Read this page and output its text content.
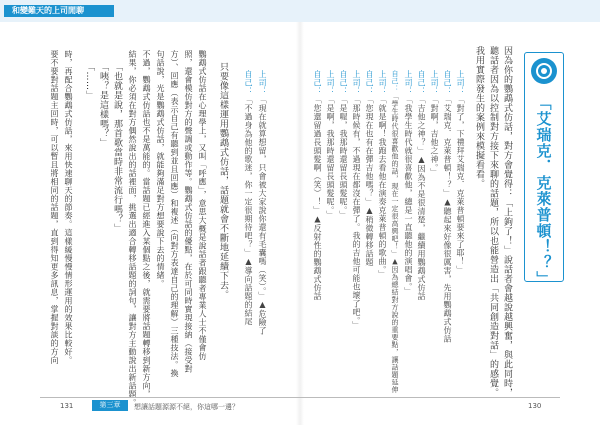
和變難天的上司閒聊
「艾瑞克．克萊普頓！？」
因為你的鸚鵡式仿話，對方會覺得：「上鉤了！」說話者會越說越興奮，與此同時，
聽話者因為以控制對方接下來聊的話題，所以也能營造出「共同創造對話」的感覺。
我用實際發生的案例來模擬看看。
上司：「對了，下禮拜艾瑞克．克萊普頓要來了耶！」
自己：「艾瑞克．克萊普頓！？」▲聽起來好像很厲害，先用鸚鵡式仿話
上司：「對啊，吉他之神。」
自己：「吉他之神？」▲因為不是很清楚，繼續用鸚鵡式仿話
上司：「我學生時代就很喜歡他，總是一直聽他的演唱會。」
自己：「學生時代很喜歡他的話，現在一定很高興吧！」▲因為總結對方說的重要點，讓話題延伸
上司：「就是啊！我跑去看他在演奏克萊普頓的歌曲。」
自己：「您現在也有在彈吉他嗎？」▲稍微轉移話題
上司：「那時候有，不過現在都沒在彈了。我的吉他可能也壞了吧。」
自己：「是喔，我那時還留長頭髮呢。」
上司：「是啊，我那時還留長頭髮呢。」
自己：「您還留過長頭髮啊（笑）！」▲反射性的鸚鵡式仿話
上司：「現在就算想留，只會被大家說你還有毛囊嗎（笑）。」▲危險了
自己：「不過身為他的歌迷，你一定很期待吧？」▲導向話題的結尾
只要像這樣運用鸚鵡式仿話，話題就會不斷地延續下去。
鸚鵡式仿話在心理學上，又叫「呼應」，意思大概是說話者跟聽者專業人士不僅會仿
照，還會模仿對方的聲調或動作等。鸚鵡式仿話的優點，在於可同時實現接納（接受對
方）、回應（表示自己有聽到並且回應）和複述（向對方表達自己的理解）三種技法。換
句話說，光是鸚鵡式仿話，就能夠滿足對方想要說下去的情緒。
不過，鸚鵡式仿話也不是萬能的。當話題已經進入某個點之後，就需要將話題轉移到新方向，
結果，你必須在對方偶然說出的話裡面，挑選出適合轉移話題的詞句，讓對方主動說出新話題。
「也就是說，那首歌當時非常流行嗎？」
「咦？是這樣嗎？」
「……」
時，再配合鸚鵡式仿話，來用快速聊天的節奏。這樣緩慢慢情形運用的效果比較好。
要不要對話題主回時，可以暫且將相同的話題，直到得知更多訊息，掌握對談的方向
131	第三章	想讓話題源源不絕，你這哪一邊？	130
